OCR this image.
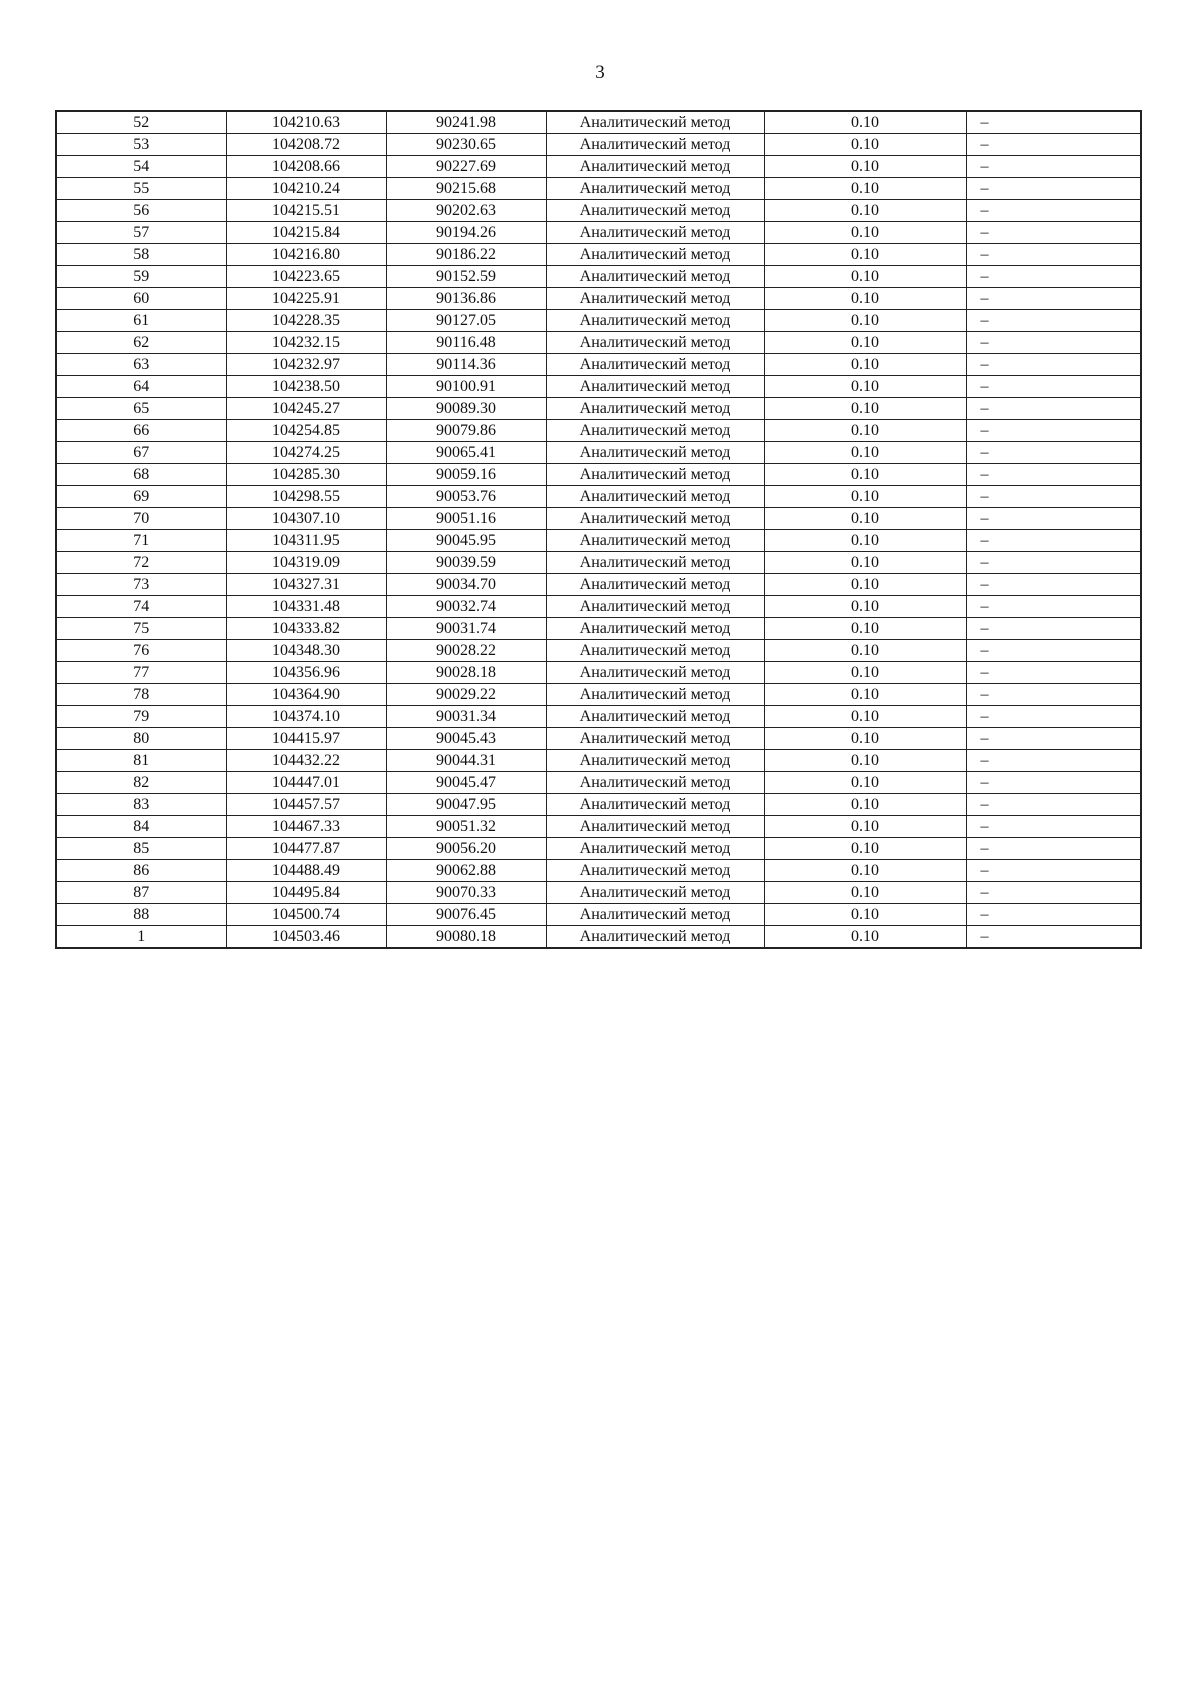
3
52	104210.63	90241.98	Аналитический метод	0.10	–
53	104208.72	90230.65	Аналитический метод	0.10	–
54	104208.66	90227.69	Аналитический метод	0.10	–
55	104210.24	90215.68	Аналитический метод	0.10	–
56	104215.51	90202.63	Аналитический метод	0.10	–
57	104215.84	90194.26	Аналитический метод	0.10	–
58	104216.80	90186.22	Аналитический метод	0.10	–
59	104223.65	90152.59	Аналитический метод	0.10	–
60	104225.91	90136.86	Аналитический метод	0.10	–
61	104228.35	90127.05	Аналитический метод	0.10	–
62	104232.15	90116.48	Аналитический метод	0.10	–
63	104232.97	90114.36	Аналитический метод	0.10	–
64	104238.50	90100.91	Аналитический метод	0.10	–
65	104245.27	90089.30	Аналитический метод	0.10	–
66	104254.85	90079.86	Аналитический метод	0.10	–
67	104274.25	90065.41	Аналитический метод	0.10	–
68	104285.30	90059.16	Аналитический метод	0.10	–
69	104298.55	90053.76	Аналитический метод	0.10	–
70	104307.10	90051.16	Аналитический метод	0.10	–
71	104311.95	90045.95	Аналитический метод	0.10	–
72	104319.09	90039.59	Аналитический метод	0.10	–
73	104327.31	90034.70	Аналитический метод	0.10	–
74	104331.48	90032.74	Аналитический метод	0.10	–
75	104333.82	90031.74	Аналитический метод	0.10	–
76	104348.30	90028.22	Аналитический метод	0.10	–
77	104356.96	90028.18	Аналитический метод	0.10	–
78	104364.90	90029.22	Аналитический метод	0.10	–
79	104374.10	90031.34	Аналитический метод	0.10	–
80	104415.97	90045.43	Аналитический метод	0.10	–
81	104432.22	90044.31	Аналитический метод	0.10	–
82	104447.01	90045.47	Аналитический метод	0.10	–
83	104457.57	90047.95	Аналитический метод	0.10	–
84	104467.33	90051.32	Аналитический метод	0.10	–
85	104477.87	90056.20	Аналитический метод	0.10	–
86	104488.49	90062.88	Аналитический метод	0.10	–
87	104495.84	90070.33	Аналитический метод	0.10	–
88	104500.74	90076.45	Аналитический метод	0.10	–
1	104503.46	90080.18	Аналитический метод	0.10	–
